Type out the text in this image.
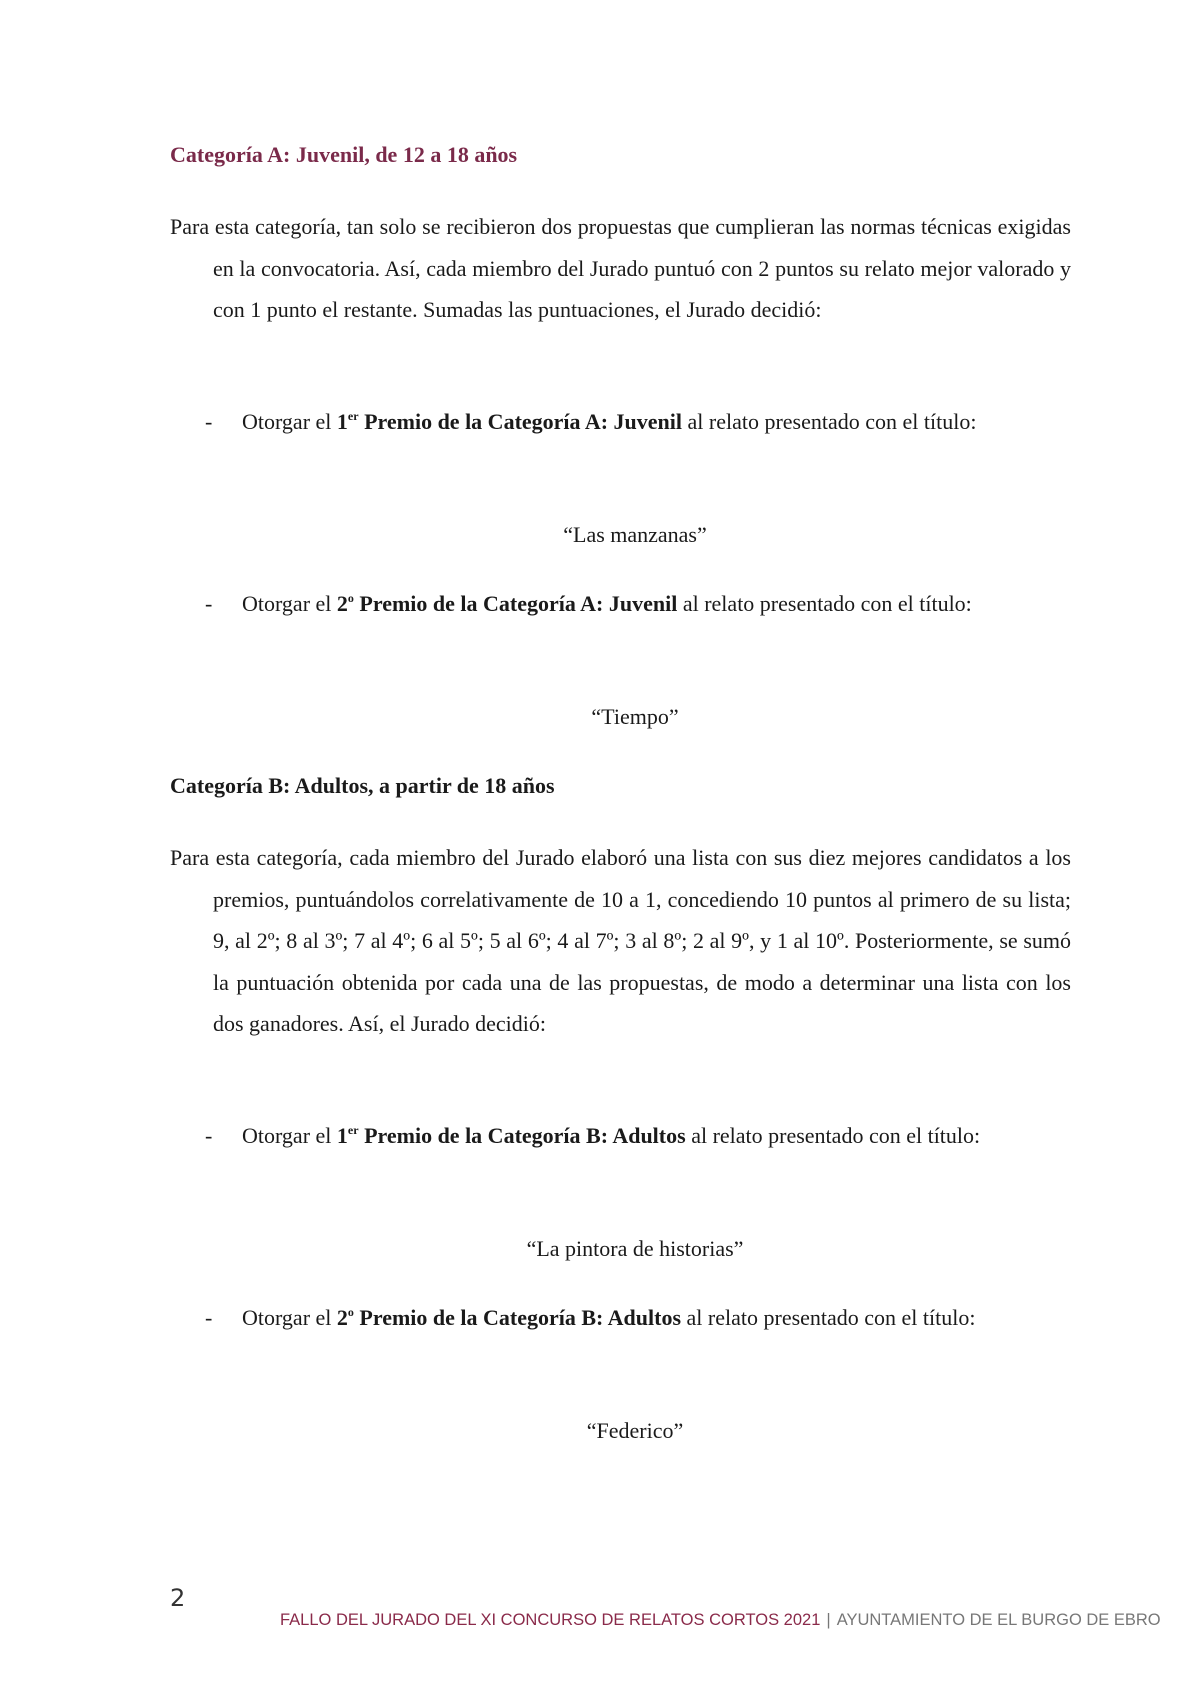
Categoría A: Juvenil, de 12 a 18 años

Para esta categoría, tan solo se recibieron dos propuestas que cumplieran las normas técnicas exigidas en la convocatoria. Así, cada miembro del Jurado puntuó con 2 puntos su relato mejor valorado y con 1 punto el restante. Sumadas las puntuaciones, el Jurado decidió:

- Otorgar el 1er Premio de la Categoría A: Juvenil al relato presentado con el título:

“Las manzanas”

- Otorgar el 2$^o$ Premio de la Categoría A: Juvenil al relato presentado con el título:

“Tiempo”

Categoría B: Adultos, a partir de 18 años

Para esta categoría, cada miembro del Jurado elaboró una lista con sus diez mejores candidatos a los premios, puntuándolos correlativamente de 10 a 1, concediendo 10 puntos al primero de su lista; 9, al 2º; 8 al 3º; 7 al 4º; 6 al 5º; 5 al 6º; 4 al 7º; 3 al 8º; 2 al 9º, y 1 al 10º. Posteriormente, se sumó la puntuación obtenida por cada una de las propuestas, de modo a determinar una lista con los dos ganadores. Así, el Jurado decidió:

- Otorgar el 1er Premio de la Categoría B: Adultos al relato presentado con el título:

“La pintora de historias”

- Otorgar el 2$^o$ Premio de la Categoría B: Adultos al relato presentado con el título:

“Federico”

2

FALLO DEL JURADO DEL XI CONCURSO DE RELATOS CORTOS 2021 | AYUNTAMIENTO DE EL BURGO DE EBRO
